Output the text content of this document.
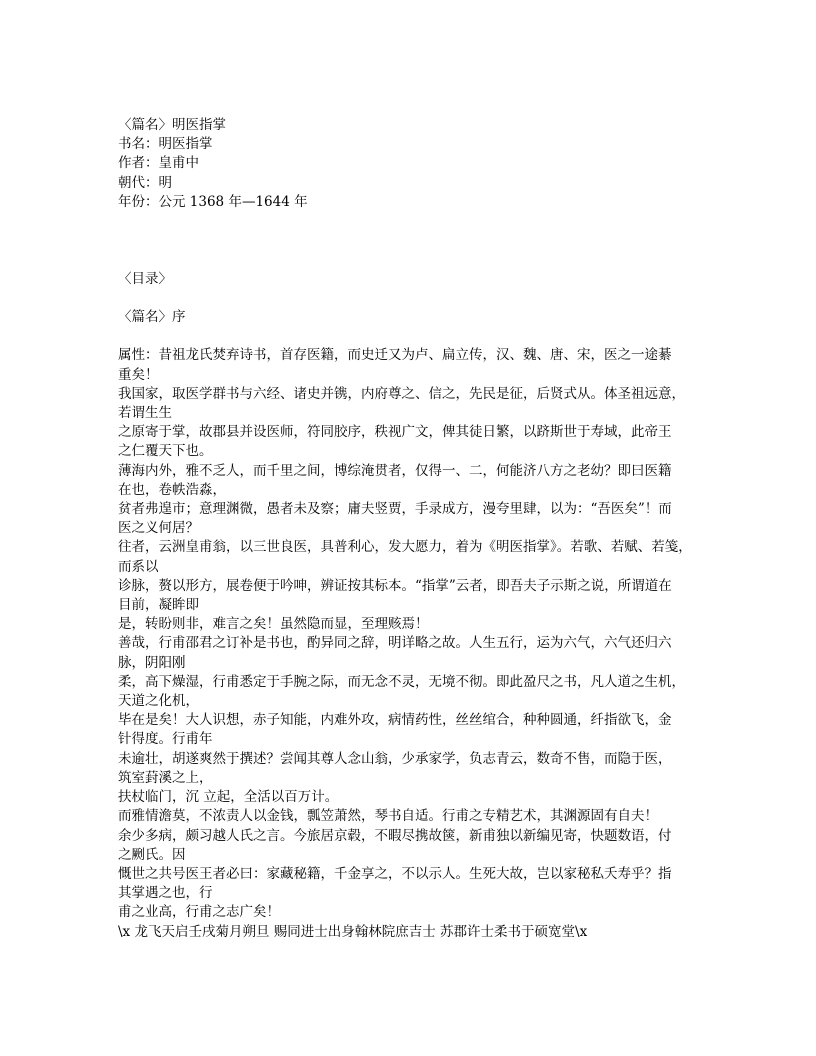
〈篇名〉明医指掌
书名：明医指掌
作者：皇甫中
朝代：明
年份：公元 1368 年—1644 年
〈目录〉
〈篇名〉序
属性：昔祖龙氏焚弃诗书，首存医籍，而史迁又为卢、扁立传，汉、魏、唐、宋，医之一途綦
重矣！
我国家，取医学群书与六经、诸史并镌，内府尊之、信之，先民是征，后贤式从。体圣祖远意，
若谓生生
之原寄于掌，故郡县并设医师，符同胶序，秩视广文，俾其徒日繁，以跻斯世于寿域，此帝王
之仁覆天下也。
薄海内外，雅不乏人，而千里之间，博综淹贯者，仅得一、二，何能济八方之老幼？即曰医籍
在也，卷帙浩淼，
贫者弗遑市；意理渊微，愚者未及察；庸夫竖贾，手录成方，漫夸里肆，以为：“吾医矣”！而
医之义何居？
往者，云洲皇甫翁，以三世良医，具普利心，发大愿力，着为《明医指掌》。若歌、若赋、若笺，
而系以
诊脉，赘以形方，展卷便于吟呻，辨证按其标本。“指掌”云者，即吾夫子示斯之说，所谓道在
目前，凝眸即
是，转盼则非，难言之矣！虽然隐而显，至理赅焉！
善哉，行甫邵君之订补是书也，酌异同之辞，明详略之故。人生五行，运为六气，六气还归六
脉，阴阳刚
柔，高下燥湿，行甫悉定于手腕之际，而无念不灵，无境不彻。即此盈尺之书，凡人道之生机，
天道之化机，
毕在是矣！大人识想，赤子知能，内难外攻，病情药性，丝丝绾合，种种圆通，纤指欲飞，金
针得度。行甫年
未逾壮，胡遂爽然于撰述？尝闻其尊人念山翁，少承家学，负志青云，数奇不售，而隐于医，
筑室葑溪之上，
扶杖临门，沉 立起，全活以百万计。
而雅情澹莫，不浓责人以金钱，瓢笠萧然，琴书自适。行甫之专精艺术，其渊源固有自夫！
余少多病，颇习越人氏之言。今旅居京毂，不暇尽携故箧，新甫独以新编见寄，快题数语，付
之劂氏。因
慨世之共号医王者必曰：家藏秘籍，千金享之，不以示人。生死大故，岂以家秘私夭寿乎？指
其掌遇之也，行
甫之业高，行甫之志广矣！
\x 龙飞天启壬戌菊月朔旦 赐同进士出身翰林院庶吉士 苏郡许士柔书于硕宽堂\x
